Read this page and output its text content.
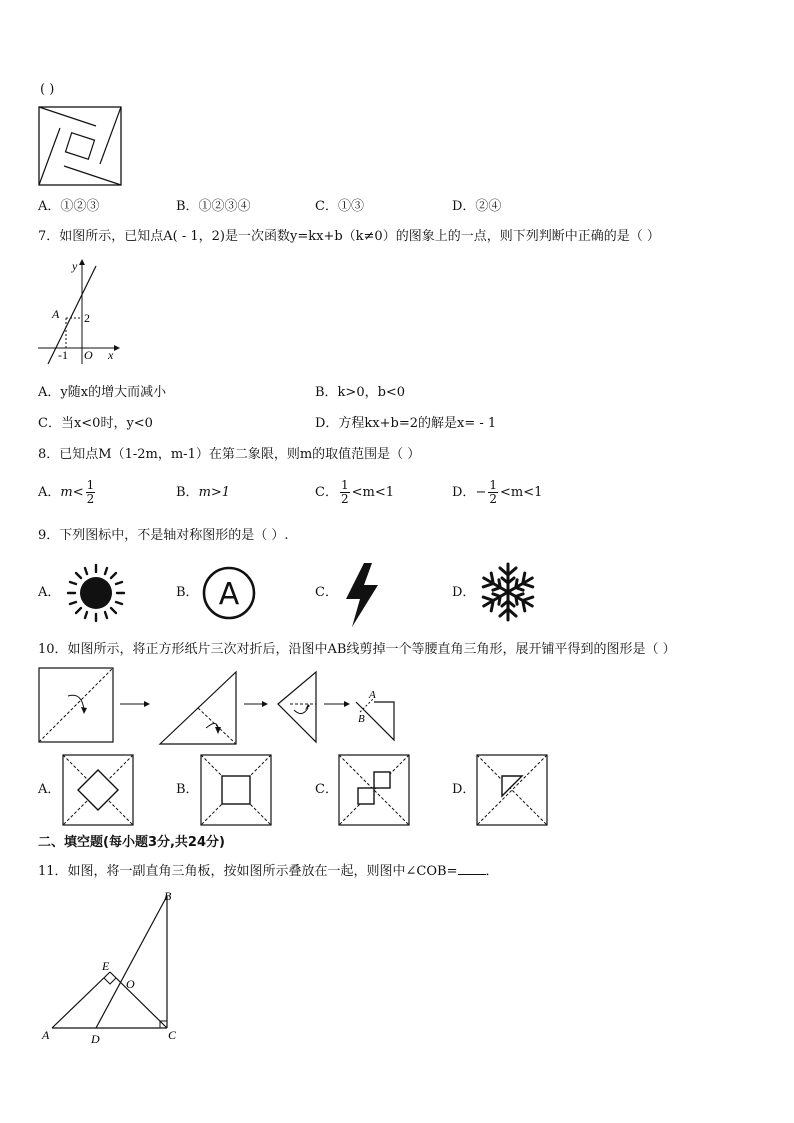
( )
A．①②③	B．①②③④	C．①③	D．②④
7．如图所示，已知点A( - 1，2)是一次函数y=kx+b（k≠0）的图象上的一点，则下列判断中正确的是（ ）
y
x
A 2
-1 O
A．y随x的增大而减小	B．k>0，b<0
C．当x<0时，y<0	D．方程kx+b=2的解是x= - 1
8．已知点M（1-2m，m-1）在第二象限，则m的取值范围是（ ）
A．$m< \frac{1}{2}$	B．m>1	C． $\frac{1}{2} <m<1$	D．− $\frac{1}{2} <m<1$
9．下列图标中，不是轴对称图形的是（ ）.
A．	B． A	C．	D．
10．如图所示，将正方形纸片三次对折后，沿图中AB线剪掉一个等腰直角三角形，展开铺平得到的图形是（ ）
A
B
A．	B．	C．	D．
二、填空题(每小题3分,共24分)
11．如图，将一副直角三角板，按如图所示叠放在一起，则图中∠COB= ．
B
E
O
A	D	C
